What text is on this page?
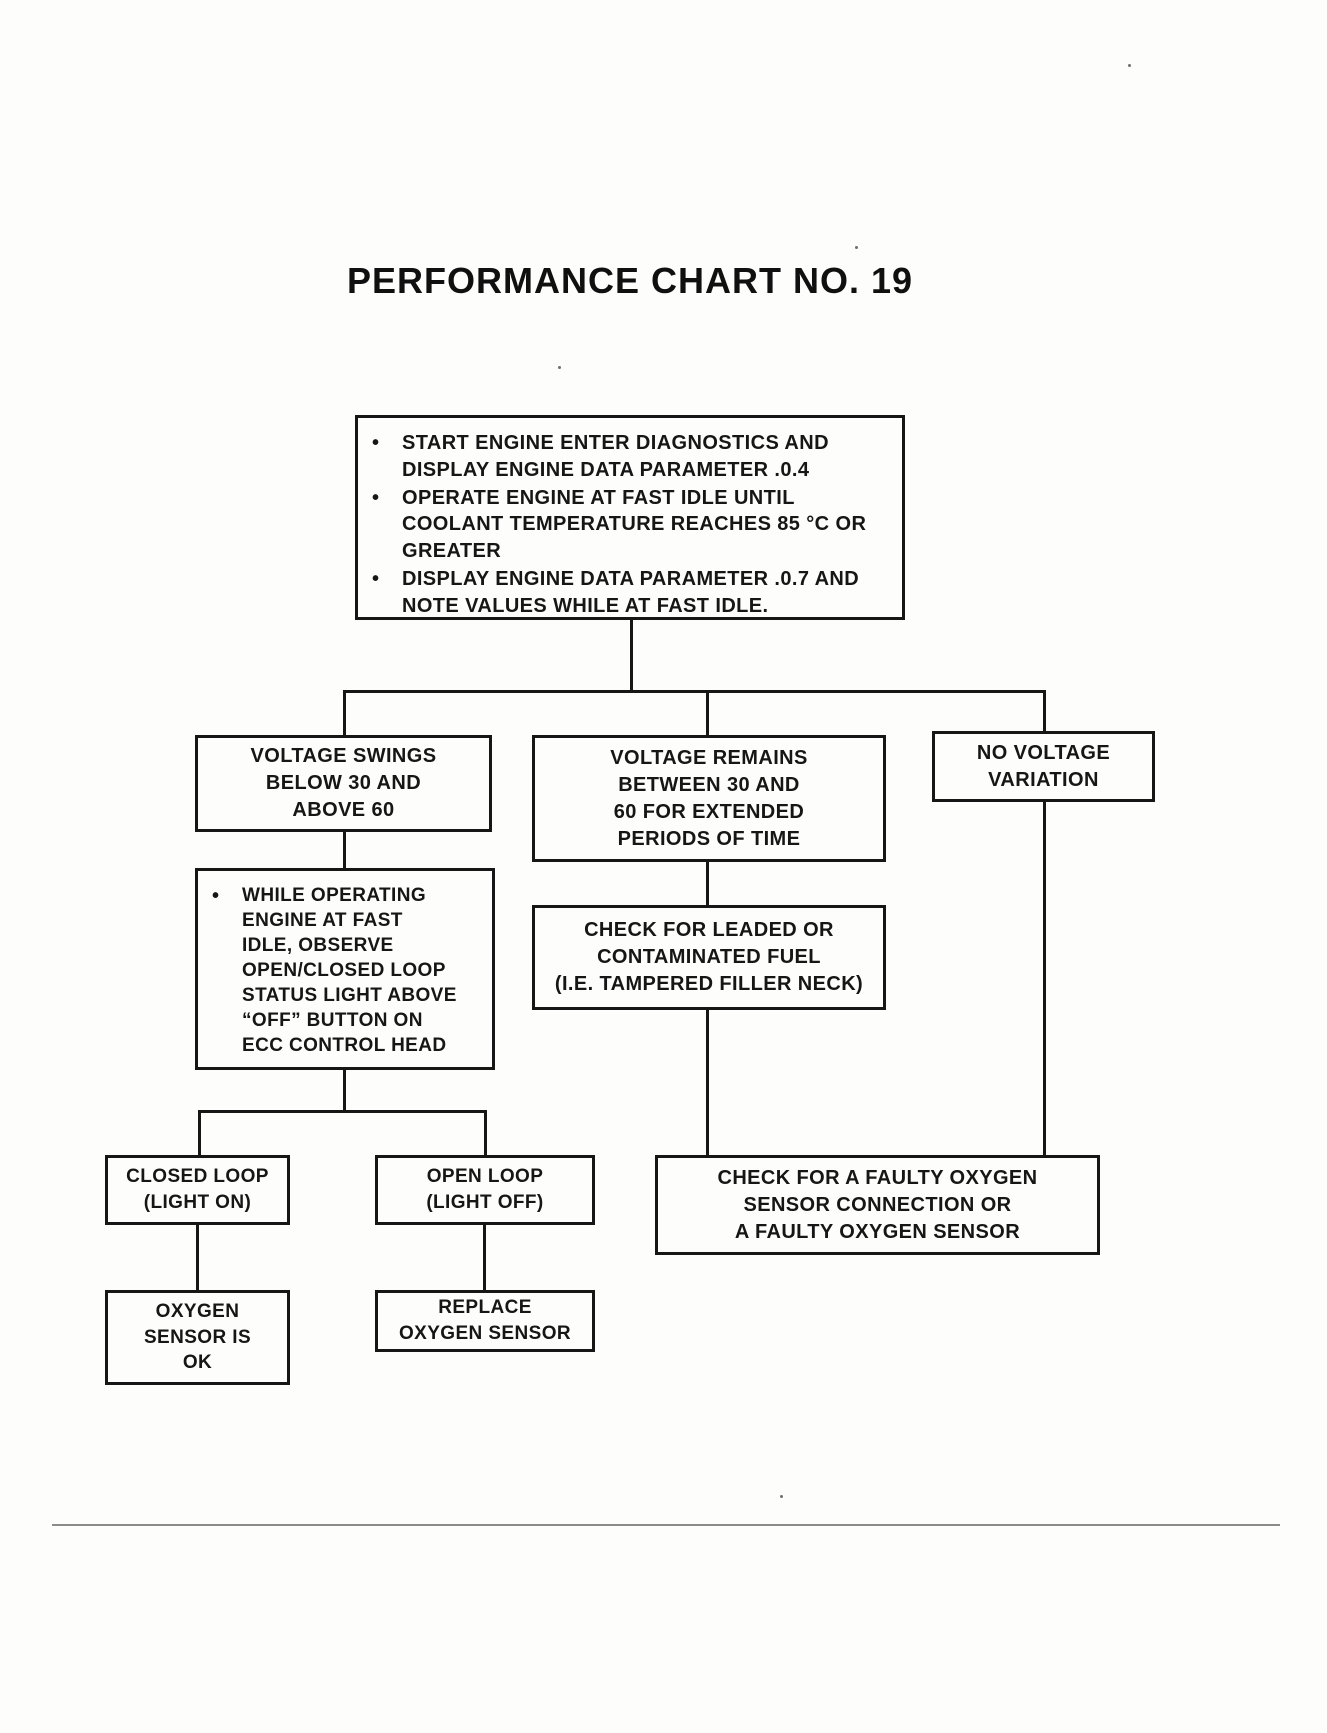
PERFORMANCE CHART NO. 19
•	START ENGINE ENTER DIAGNOSTICS AND
DISPLAY ENGINE DATA PARAMETER .0.4
•	OPERATE ENGINE AT FAST IDLE UNTIL
COOLANT TEMPERATURE REACHES 85 °C OR
GREATER
•	DISPLAY ENGINE DATA PARAMETER .0.7 AND
NOTE VALUES WHILE AT FAST IDLE.
VOLTAGE SWINGS
BELOW 30 AND
ABOVE 60
VOLTAGE REMAINS
BETWEEN 30 AND
60 FOR EXTENDED
PERIODS OF TIME
NO VOLTAGE
VARIATION
•	WHILE OPERATING
ENGINE AT FAST
IDLE, OBSERVE
OPEN/CLOSED LOOP
STATUS LIGHT ABOVE
“OFF” BUTTON ON
ECC CONTROL HEAD
CHECK FOR LEADED OR
CONTAMINATED FUEL
(I.E. TAMPERED FILLER NECK)
CLOSED LOOP
(LIGHT ON)
OPEN LOOP
(LIGHT OFF)
CHECK FOR A FAULTY OXYGEN
SENSOR CONNECTION OR
A FAULTY OXYGEN SENSOR
OXYGEN
SENSOR IS
OK
REPLACE
OXYGEN SENSOR
